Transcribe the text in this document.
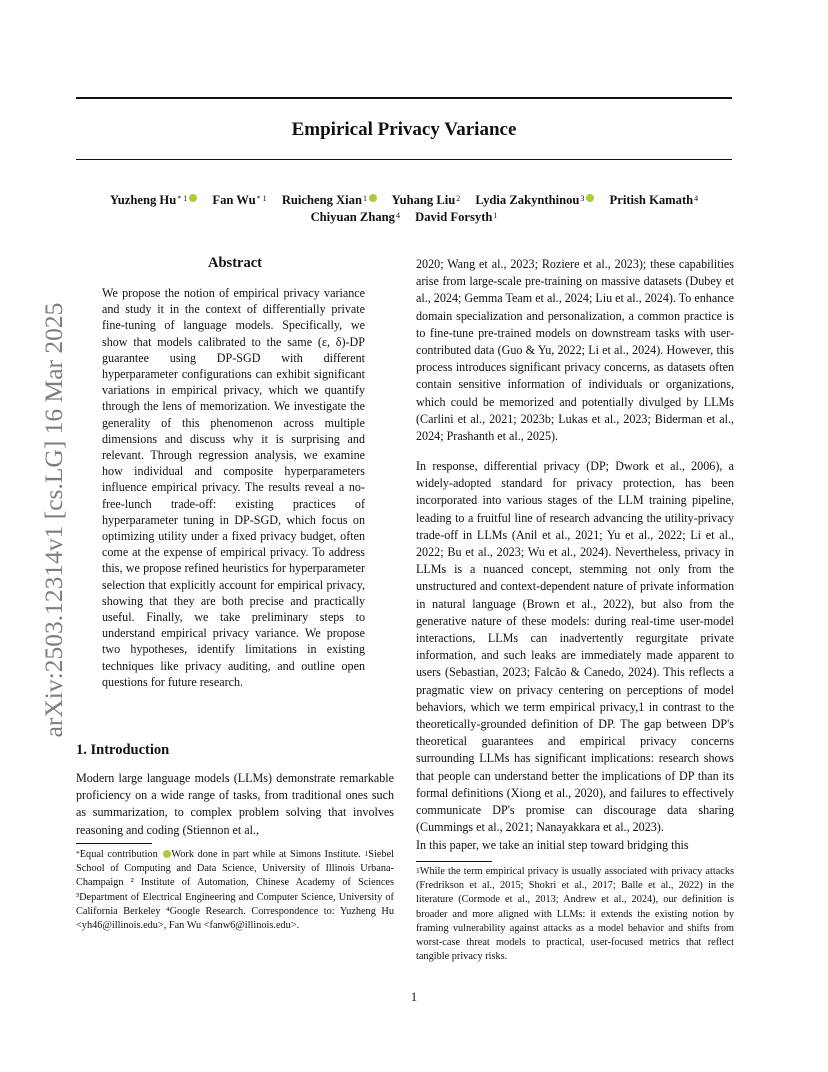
arXiv:2503.12314v1 [cs.LG] 16 Mar 2025
Empirical Privacy Variance
Yuzheng Hu$^{* 1}$ Fan Wu$^{* 1}$ Ruicheng Xian$^1$ Yuhang Liu$^2$ Lydia Zakynthinou$^3$ Pritish Kamath$^4$
Chiyuan Zhang$^4$ David Forsyth$^1$
Abstract
We propose the notion of empirical privacy variance and study it in the context of differentially private fine-tuning of language models. Specifically, we show that models calibrated to the same (ε, δ)-DP guarantee using DP-SGD with different hyperparameter configurations can exhibit significant variations in empirical privacy, which we quantify through the lens of memorization. We investigate the generality of this phenomenon across multiple dimensions and discuss why it is surprising and relevant. Through regression analysis, we examine how individual and composite hyperparameters influence empirical privacy. The results reveal a no-free-lunch trade-off: existing practices of hyperparameter tuning in DP-SGD, which focus on optimizing utility under a fixed privacy budget, often come at the expense of empirical privacy. To address this, we propose refined heuristics for hyperparameter selection that explicitly account for empirical privacy, showing that they are both precise and practically useful. Finally, we take preliminary steps to understand empirical privacy variance. We propose two hypotheses, identify limitations in existing techniques like privacy auditing, and outline open questions for future research.
1. Introduction
Modern large language models (LLMs) demonstrate remarkable proficiency on a wide range of tasks, from traditional ones such as summarization, to complex problem solving that involves reasoning and coding (Stiennon et al.,
*Equal contribution Work done in part while at Simons Institute. $^1$Siebel School of Computing and Data Science, University of Illinois Urbana-Champaign ² Institute of Automation, Chinese Academy of Sciences ³Department of Electrical Engineering and Computer Science, University of California Berkeley ⁴Google Research. Correspondence to: Yuzheng Hu <yh46@illinois.edu>, Fan Wu <fanw6@illinois.edu>.
2020; Wang et al., 2023; Roziere et al., 2023); these capabilities arise from large-scale pre-training on massive datasets (Dubey et al., 2024; Gemma Team et al., 2024; Liu et al., 2024). To enhance domain specialization and personalization, a common practice is to fine-tune pre-trained models on downstream tasks with user-contributed data (Guo & Yu, 2022; Li et al., 2024). However, this process introduces significant privacy concerns, as datasets often contain sensitive information of individuals or organizations, which could be memorized and potentially divulged by LLMs (Carlini et al., 2021; 2023b; Lukas et al., 2023; Biderman et al., 2024; Prashanth et al., 2025).
In response, differential privacy (DP; Dwork et al., 2006), a widely-adopted standard for privacy protection, has been incorporated into various stages of the LLM training pipeline, leading to a fruitful line of research advancing the utility-privacy trade-off in LLMs (Anil et al., 2021; Yu et al., 2022; Li et al., 2022; Bu et al., 2023; Wu et al., 2024). Nevertheless, privacy in LLMs is a nuanced concept, stemming not only from the unstructured and context-dependent nature of private information in natural language (Brown et al., 2022), but also from the generative nature of these models: during real-time user-model interactions, LLMs can inadvertently regurgitate private information, and such leaks are immediately made apparent to users (Sebastian, 2023; Falcão & Canedo, 2024). This reflects a pragmatic view on privacy centering on perceptions of model behaviors, which we term empirical privacy,1 in contrast to the theoretically-grounded definition of DP. The gap between DP's theoretical guarantees and empirical privacy concerns surrounding LLMs has significant implications: research shows that people can understand better the implications of DP than its formal definitions (Xiong et al., 2020), and failures to effectively communicate DP's promise can discourage data sharing (Cummings et al., 2021; Nanayakkara et al., 2023).
In this paper, we take an initial step toward bridging this
$^1$While the term empirical privacy is usually associated with privacy attacks (Fredrikson et al., 2015; Shokri et al., 2017; Balle et al., 2022) in the literature (Cormode et al., 2013; Andrew et al., 2024), our definition is broader and more aligned with LLMs: it extends the existing notion by framing vulnerability against attacks as a model behavior and shifts from worst-case threat models to practical, user-focused metrics that reflect tangible privacy risks.
1
